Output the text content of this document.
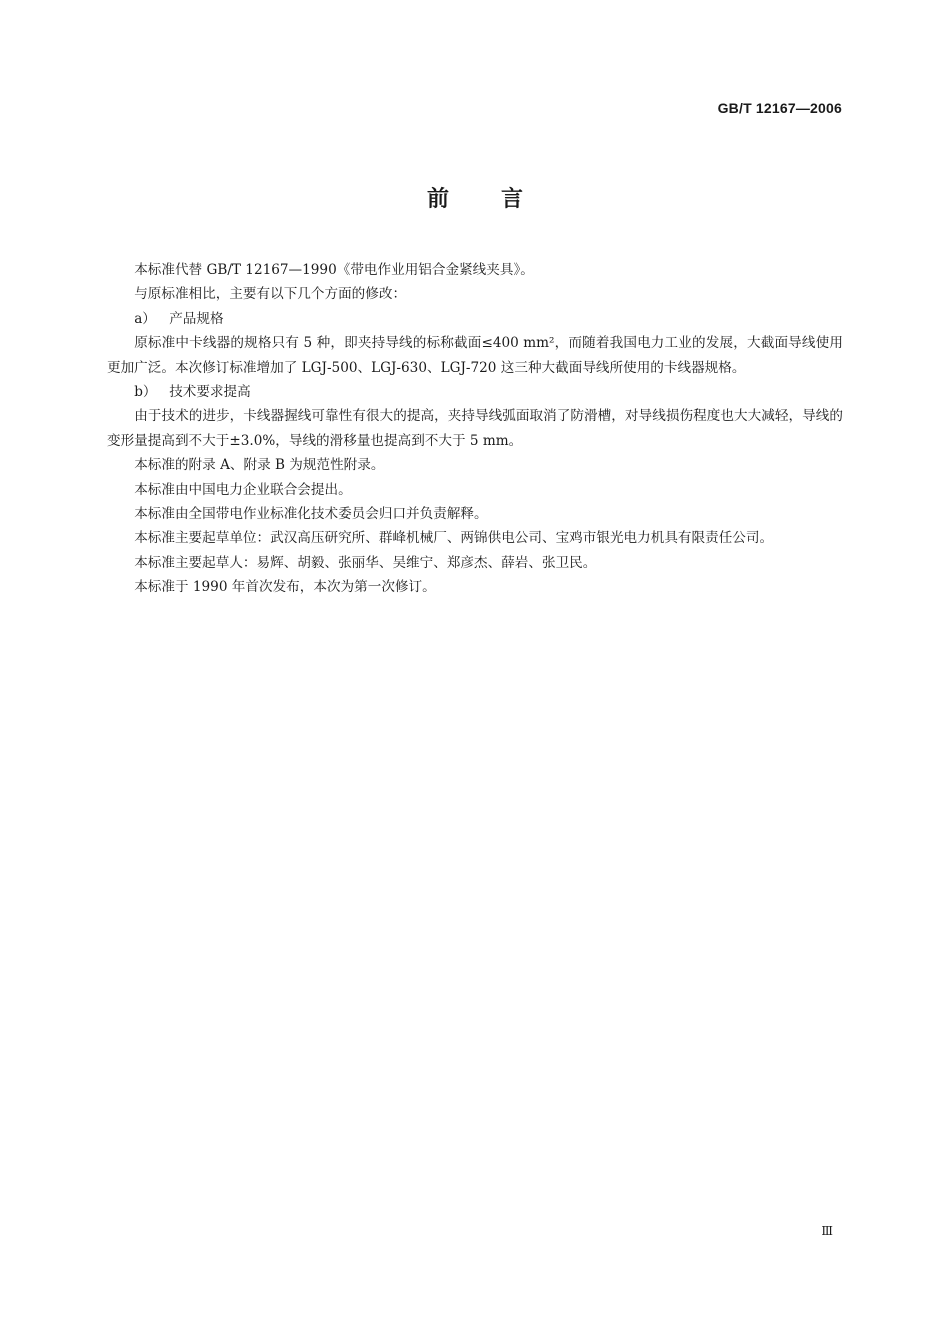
GB/T 12167—2006
前言

本标准代替 GB/T 12167—1990《带电作业用铝合金紧线夹具》。

与原标准相比，主要有以下几个方面的修改：

a） 产品规格

原标准中卡线器的规格只有 5 种，即夹持导线的标称截面≤400 mm²，而随着我国电力工业的发展，大截面导线使用更加广泛。本次修订标准增加了 LGJ-500、LGJ-630、LGJ-720 这三种大截面导线所使用的卡线器规格。

b） 技术要求提高

由于技术的进步，卡线器握线可靠性有很大的提高，夹持导线弧面取消了防滑槽，对导线损伤程度也大大减轻，导线的变形量提高到不大于±3.0%，导线的滑移量也提高到不大于 5 mm。

本标准的附录 A、附录 B 为规范性附录。

本标准由中国电力企业联合会提出。

本标准由全国带电作业标准化技术委员会归口并负责解释。

本标准主要起草单位：武汉高压研究所、群峰机械厂、两锦供电公司、宝鸡市银光电力机具有限责任公司。

本标准主要起草人：易辉、胡毅、张丽华、吴维宁、郑彦杰、薛岩、张卫民。

本标准于 1990 年首次发布，本次为第一次修订。

Ⅲ
